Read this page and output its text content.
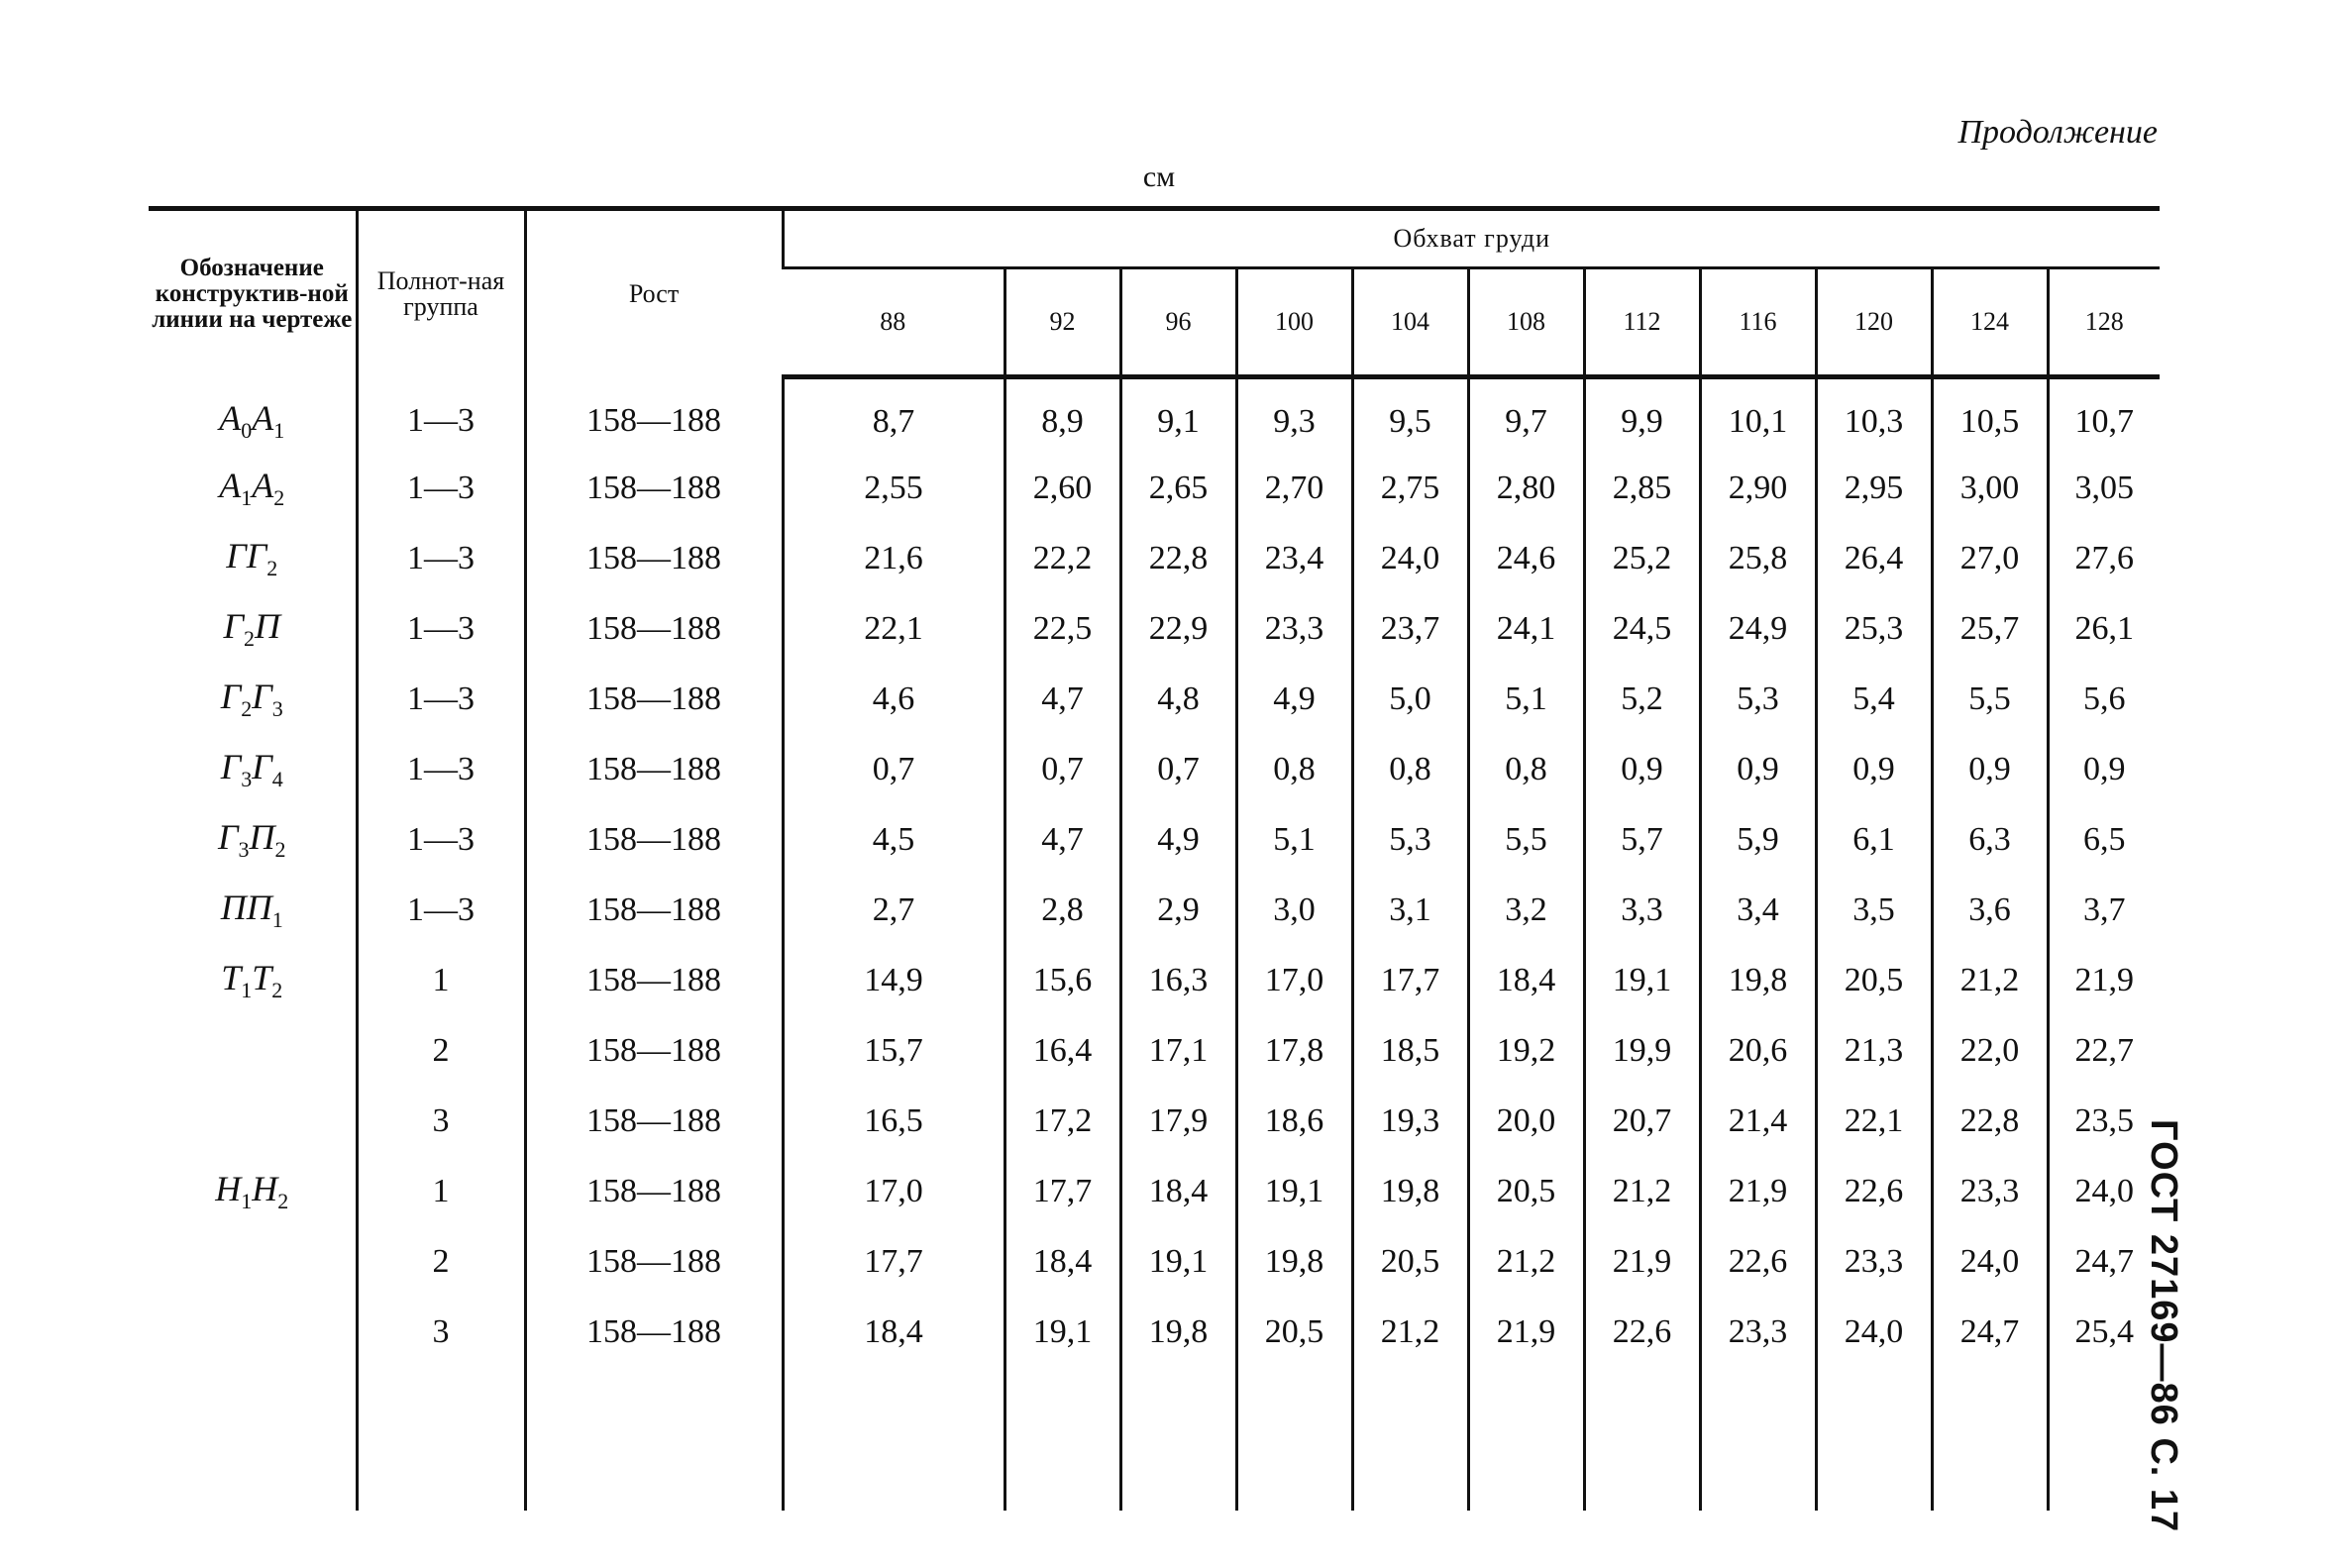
Продолжение
см
ГОСТ 27169—86 С. 17
Обозначение конструктив-ной линии на чертеже	Полнот-ная группа	Рост	Обхват груди										
			88	92	96	100	104	108	112	116	120	124	128
$A_0A_1$	1—3	158—188	8,7	8,9	9,1	9,3	9,5	9,7	9,9	10,1	10,3	10,5	10,7
$A_1A_2$	1—3	158—188	2,55	2,60	2,65	2,70	2,75	2,80	2,85	2,90	2,95	3,00	3,05
$ГГ_2$	1—3	158—188	21,6	22,2	22,8	23,4	24,0	24,6	25,2	25,8	26,4	27,0	27,6
$Г_2П$	1—3	158—188	22,1	22,5	22,9	23,3	23,7	24,1	24,5	24,9	25,3	25,7	26,1
$Г_2Г_3$	1—3	158—188	4,6	4,7	4,8	4,9	5,0	5,1	5,2	5,3	5,4	5,5	5,6
$Г_3Г_4$	1—3	158—188	0,7	0,7	0,7	0,8	0,8	0,8	0,9	0,9	0,9	0,9	0,9
$Г_3П_2$	1—3	158—188	4,5	4,7	4,9	5,1	5,3	5,5	5,7	5,9	6,1	6,3	6,5
$ПП_1$	1—3	158—188	2,7	2,8	2,9	3,0	3,1	3,2	3,3	3,4	3,5	3,6	3,7
$T_1T_2$	1	158—188	14,9	15,6	16,3	17,0	17,7	18,4	19,1	19,8	20,5	21,2	21,9
	2	158—188	15,7	16,4	17,1	17,8	18,5	19,2	19,9	20,6	21,3	22,0	22,7
	3	158—188	16,5	17,2	17,9	18,6	19,3	20,0	20,7	21,4	22,1	22,8	23,5
$H_1H_2$	1	158—188	17,0	17,7	18,4	19,1	19,8	20,5	21,2	21,9	22,6	23,3	24,0
	2	158—188	17,7	18,4	19,1	19,8	20,5	21,2	21,9	22,6	23,3	24,0	24,7
	3	158—188	18,4	19,1	19,8	20,5	21,2	21,9	22,6	23,3	24,0	24,7	25,4
